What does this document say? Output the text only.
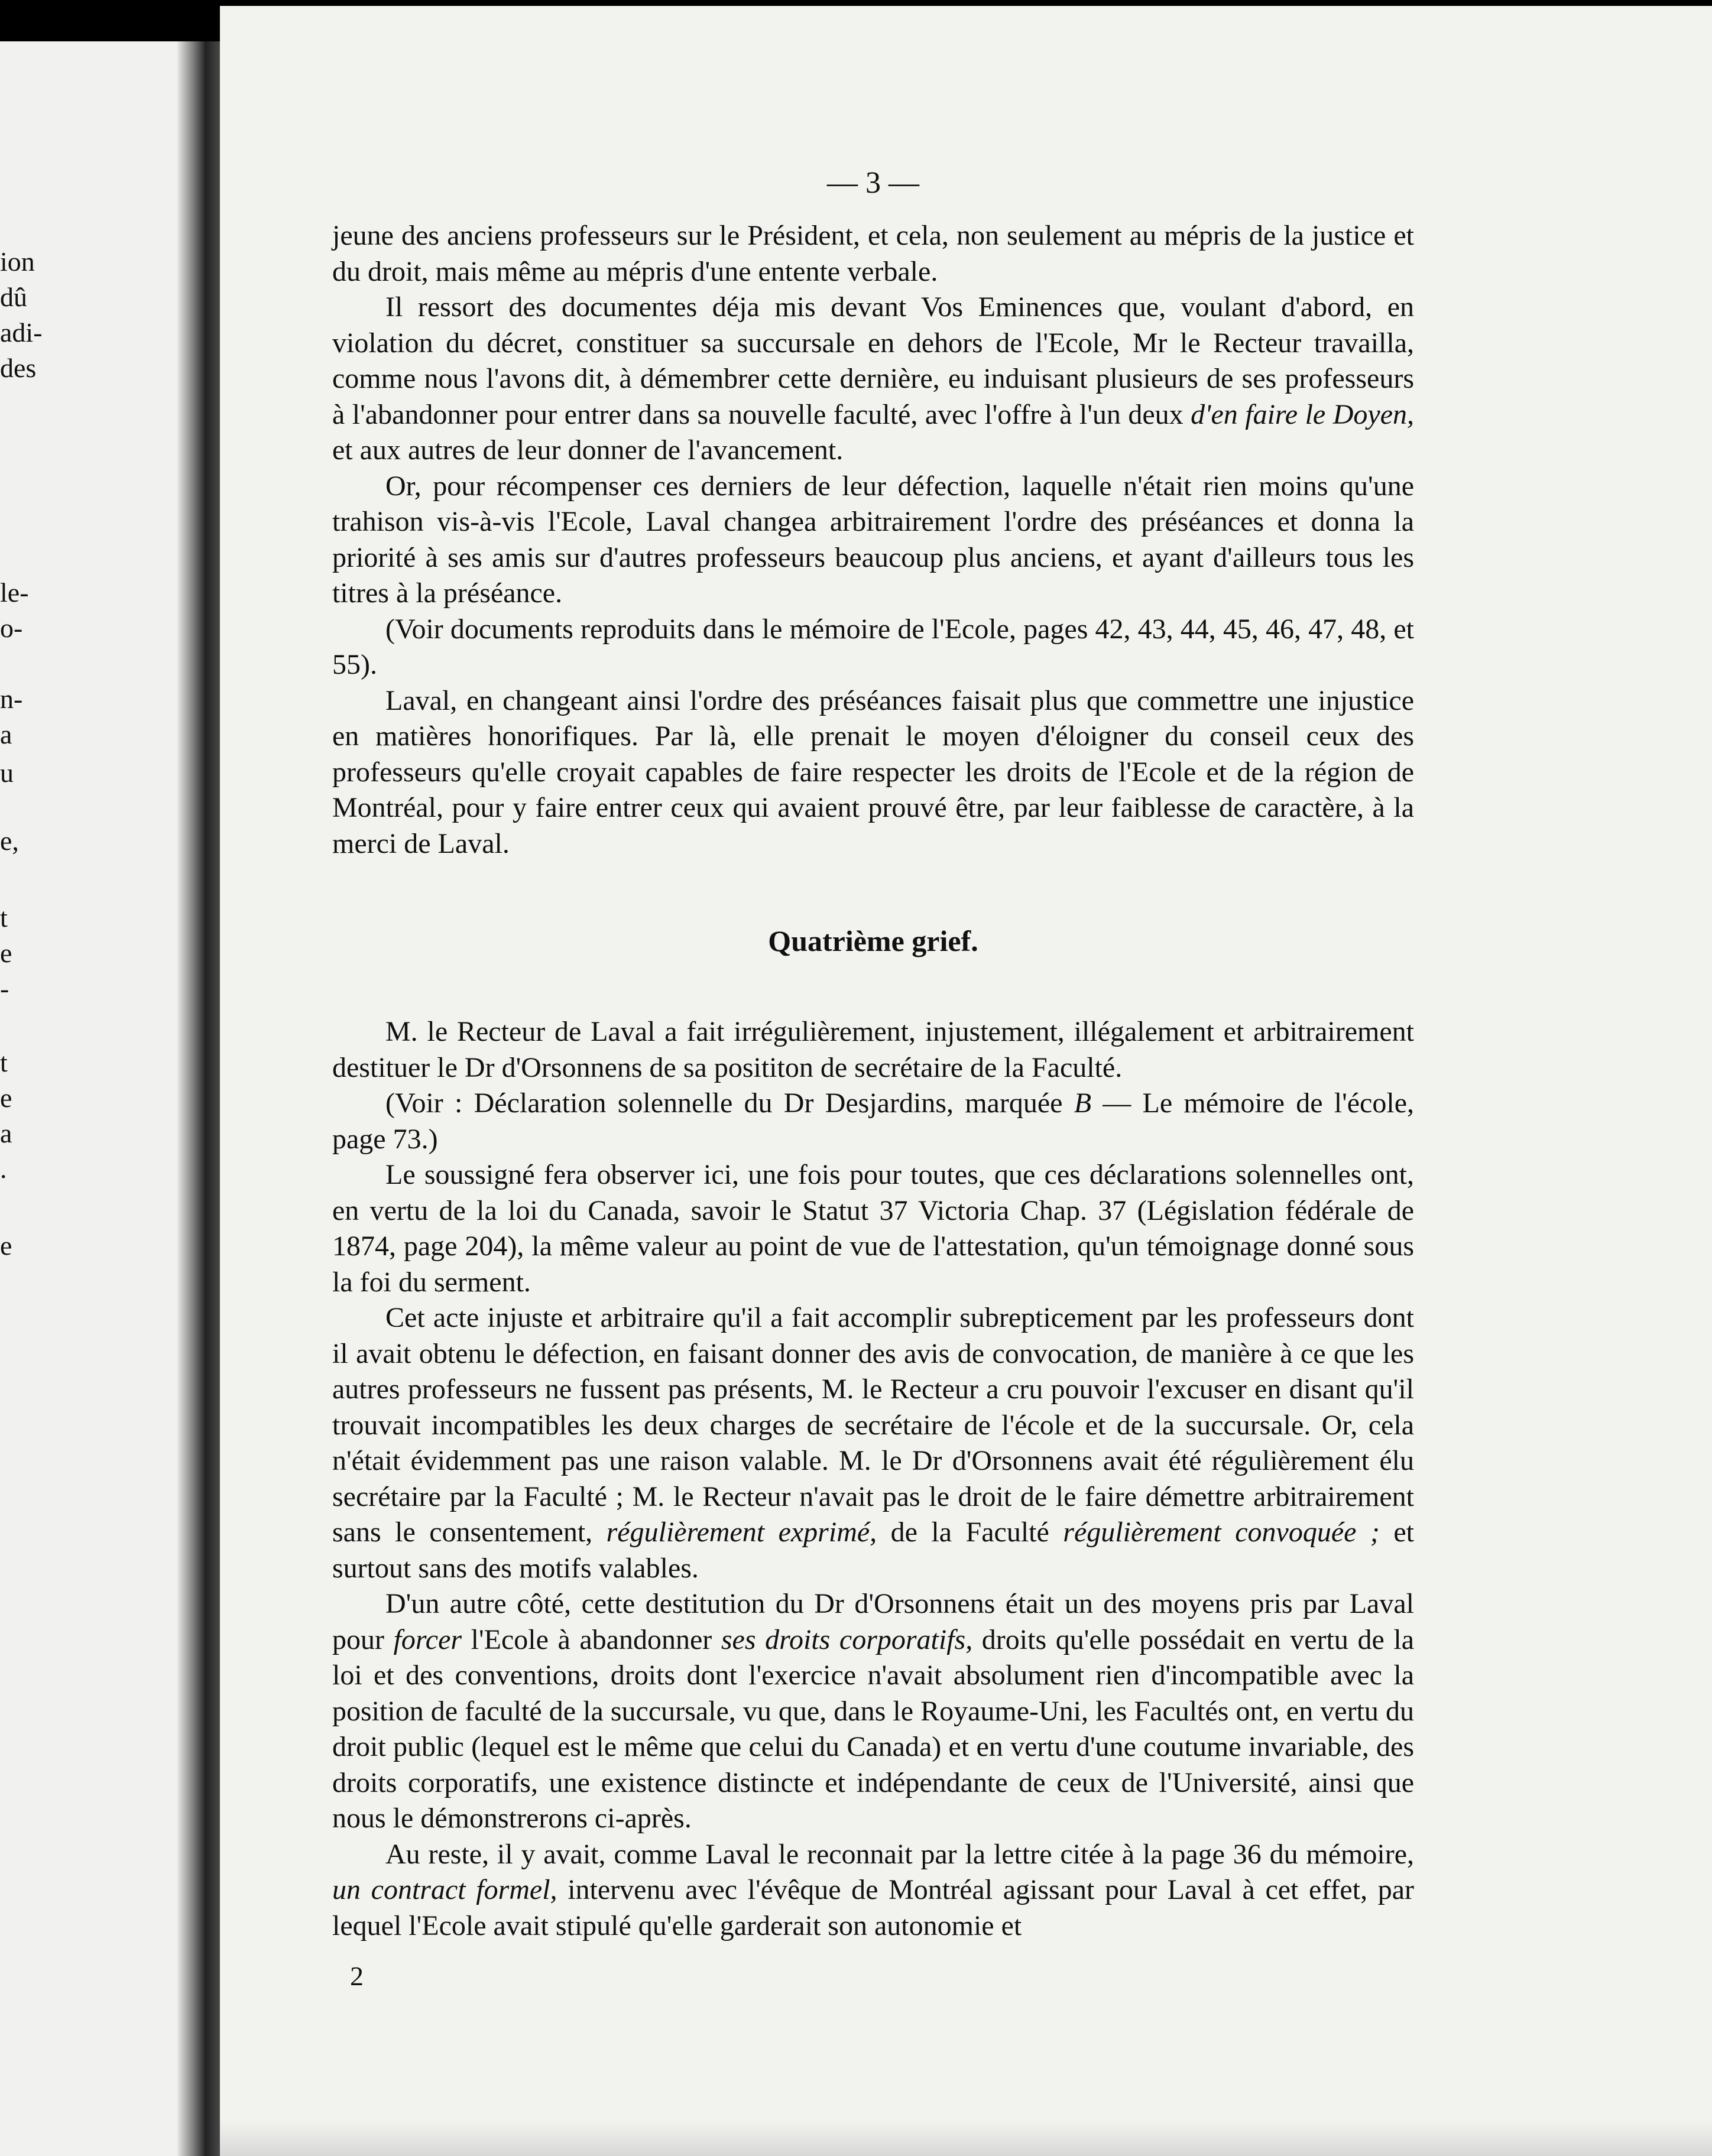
ion
dû
adi-
des
le-
o-
n-
a
u
e,
t
e
-
t
e
a
.
e
— 3 —

jeune des anciens professeurs sur le Président, et cela, non seulement au mépris de la justice et du droit, mais même au mépris d'une entente verbale.

Il ressort des documentes déja mis devant Vos Eminences que, voulant d'abord, en violation du décret, constituer sa succursale en dehors de l'Ecole, Mr le Recteur travailla, comme nous l'avons dit, à démembrer cette dernière, eu induisant plusieurs de ses professeurs à l'abandonner pour entrer dans sa nouvelle faculté, avec l'offre à l'un deux d'en faire le Doyen, et aux autres de leur donner de l'avancement.

Or, pour récompenser ces derniers de leur défection, laquelle n'était rien moins qu'une trahison vis-à-vis l'Ecole, Laval changea arbitrairement l'ordre des préséances et donna la priorité à ses amis sur d'autres professeurs beaucoup plus anciens, et ayant d'ailleurs tous les titres à la préséance.

(Voir documents reproduits dans le mémoire de l'Ecole, pages 42, 43, 44, 45, 46, 47, 48, et 55).

Laval, en changeant ainsi l'ordre des préséances faisait plus que commettre une injustice en matières honorifiques. Par là, elle prenait le moyen d'éloigner du conseil ceux des professeurs qu'elle croyait capables de faire respecter les droits de l'Ecole et de la région de Montréal, pour y faire entrer ceux qui avaient prouvé être, par leur faiblesse de caractère, à la merci de Laval.

Quatrième grief.

M. le Recteur de Laval a fait irrégulièrement, injustement, illégalement et arbitrairement destituer le Dr d'Orsonnens de sa posititon de secrétaire de la Faculté.

(Voir : Déclaration solennelle du Dr Desjardins, marquée B — Le mémoire de l'école, page 73.)

Le soussigné fera observer ici, une fois pour toutes, que ces déclarations solennelles ont, en vertu de la loi du Canada, savoir le Statut 37 Victoria Chap. 37 (Législation fédérale de 1874, page 204), la même valeur au point de vue de l'attestation, qu'un témoignage donné sous la foi du serment.

Cet acte injuste et arbitraire qu'il a fait accomplir subrepticement par les professeurs dont il avait obtenu le défection, en faisant donner des avis de convocation, de manière à ce que les autres professeurs ne fussent pas présents, M. le Recteur a cru pouvoir l'excuser en disant qu'il trouvait incompatibles les deux charges de secrétaire de l'école et de la succursale. Or, cela n'était évidemment pas une raison valable. M. le Dr d'Orsonnens avait été régulièrement élu secrétaire par la Faculté ; M. le Recteur n'avait pas le droit de le faire démettre arbitrairement sans le consentement, régulièrement exprimé, de la Faculté régulièrement convoquée ; et surtout sans des motifs valables.

D'un autre côté, cette destitution du Dr d'Orsonnens était un des moyens pris par Laval pour forcer l'Ecole à abandonner ses droits corporatifs, droits qu'elle possédait en vertu de la loi et des conventions, droits dont l'exercice n'avait absolument rien d'incompatible avec la position de faculté de la succursale, vu que, dans le Royaume-Uni, les Facultés ont, en vertu du droit public (lequel est le même que celui du Canada) et en vertu d'une coutume invariable, des droits corporatifs, une existence distincte et indépendante de ceux de l'Université, ainsi que nous le démonstrerons ci-après.

Au reste, il y avait, comme Laval le reconnait par la lettre citée à la page 36 du mémoire, un contract formel, intervenu avec l'évêque de Montréal agissant pour Laval à cet effet, par lequel l'Ecole avait stipulé qu'elle garderait son autonomie et

2
